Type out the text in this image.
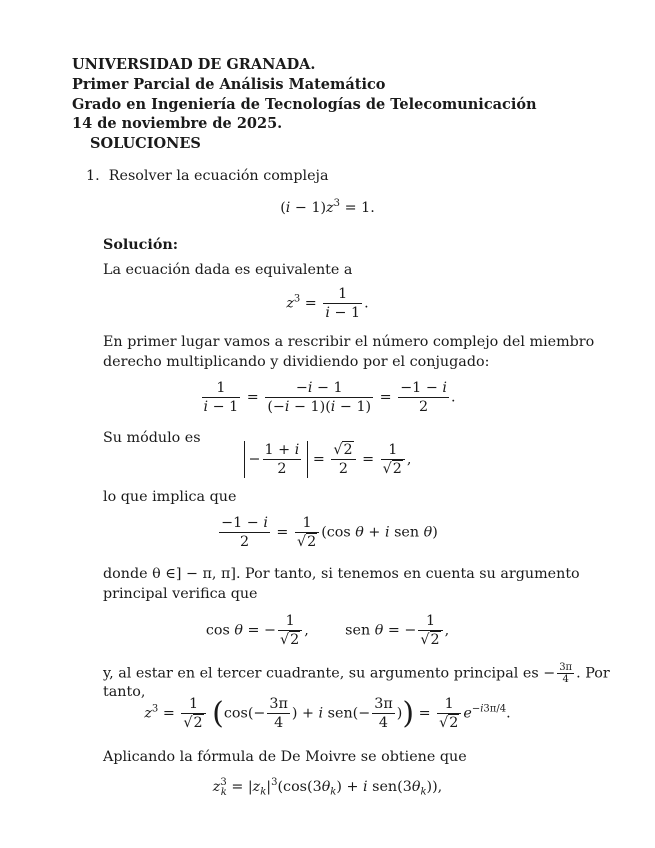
UNIVERSIDAD DE GRANADA.
Primer Parcial de Análisis Matemático
Grado en Ingeniería de Tecnologías de Telecomunicación
14 de noviembre de 2025.
SOLUCIONES
1. Resolver la ecuación compleja
$(i - 1)z^3 = 1$.
Solución:
La ecuación dada es equivalente a
$z^3 = \frac{1}{i - 1}$ .
En primer lugar vamos a rescribir el número complejo del miembro
derecho multiplicando y dividiendo por el conjugado:
$\frac{1}{i - 1} = \frac{-i - 1}{(-i - 1)(i - 1)} = \frac{-1 - i}{2}$ .
Su módulo es
− $\frac{1 + i}{2} = \frac{√2}{2} = \frac{1}{√2}$ ,
lo que implica que
$\frac{-1 - i}{2} = \frac{1}{√2} (\cos$ θ + i sen θ)
donde θ ∈] − π, π]. Por tanto, si tenemos en cuenta su argumento
principal verifica que
cos θ = − $\frac{1}{√2}$ ,        sen θ = − $\frac{1}{√2}$ ,
y, al estar en el tercer cuadrante, su argumento principal es − $\frac{3\pi}{4}$ . Por
tanto,
$z^3 = \frac{1}{√2} (\cos(- \frac{3\pi}{4}$ ) + i $sen(- \frac{3\pi}{4}$ )) = $\frac{1}{√2} e^{-i3\pi/4}$.
Aplicando la fórmula de De Moivre se obtiene que
$z^3_k = |z_k|^3(\cos(3\theta_k) + i$ $sen(3\theta_k)$),
